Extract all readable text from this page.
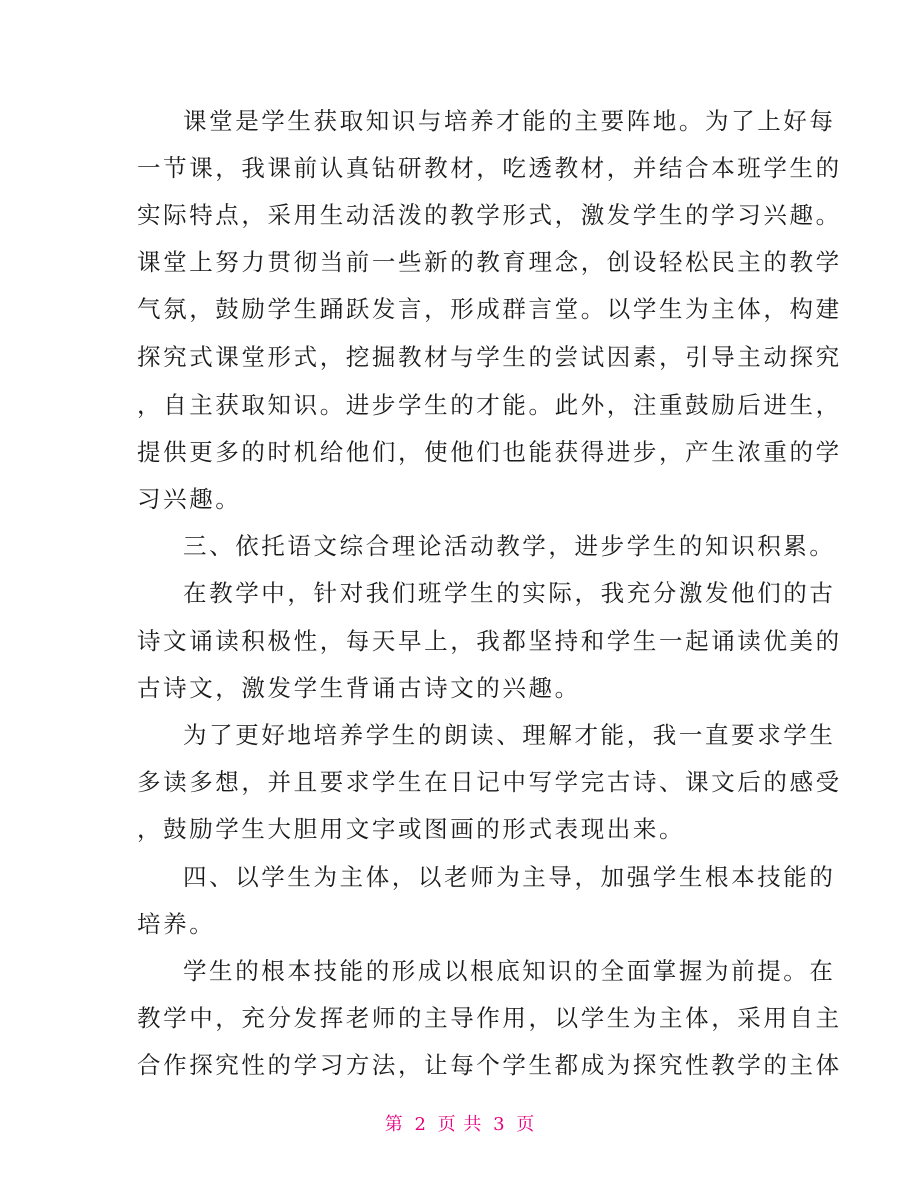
课堂是学生获取知识与培养才能的主要阵地。为了上好每
一节课，我课前认真钻研教材，吃透教材，并结合本班学生的
实际特点，采用生动活泼的教学形式，激发学生的学习兴趣。
课堂上努力贯彻当前一些新的教育理念，创设轻松民主的教学
气氛，鼓励学生踊跃发言，形成群言堂。以学生为主体，构建
探究式课堂形式，挖掘教材与学生的尝试因素，引导主动探究
，自主获取知识。进步学生的才能。此外，注重鼓励后进生，
提供更多的时机给他们，使他们也能获得进步，产生浓重的学
习兴趣。
三、依托语文综合理论活动教学，进步学生的知识积累。
在教学中，针对我们班学生的实际，我充分激发他们的古
诗文诵读积极性，每天早上，我都坚持和学生一起诵读优美的
古诗文，激发学生背诵古诗文的兴趣。
为了更好地培养学生的朗读、理解才能，我一直要求学生
多读多想，并且要求学生在日记中写学完古诗、课文后的感受
，鼓励学生大胆用文字或图画的形式表现出来。
四、以学生为主体，以老师为主导，加强学生根本技能的
培养。
学生的根本技能的形成以根底知识的全面掌握为前提。在
教学中，充分发挥老师的主导作用，以学生为主体，采用自主
合作探究性的学习方法，让每个学生都成为探究性教学的主体
第 2 页 共 3 页
